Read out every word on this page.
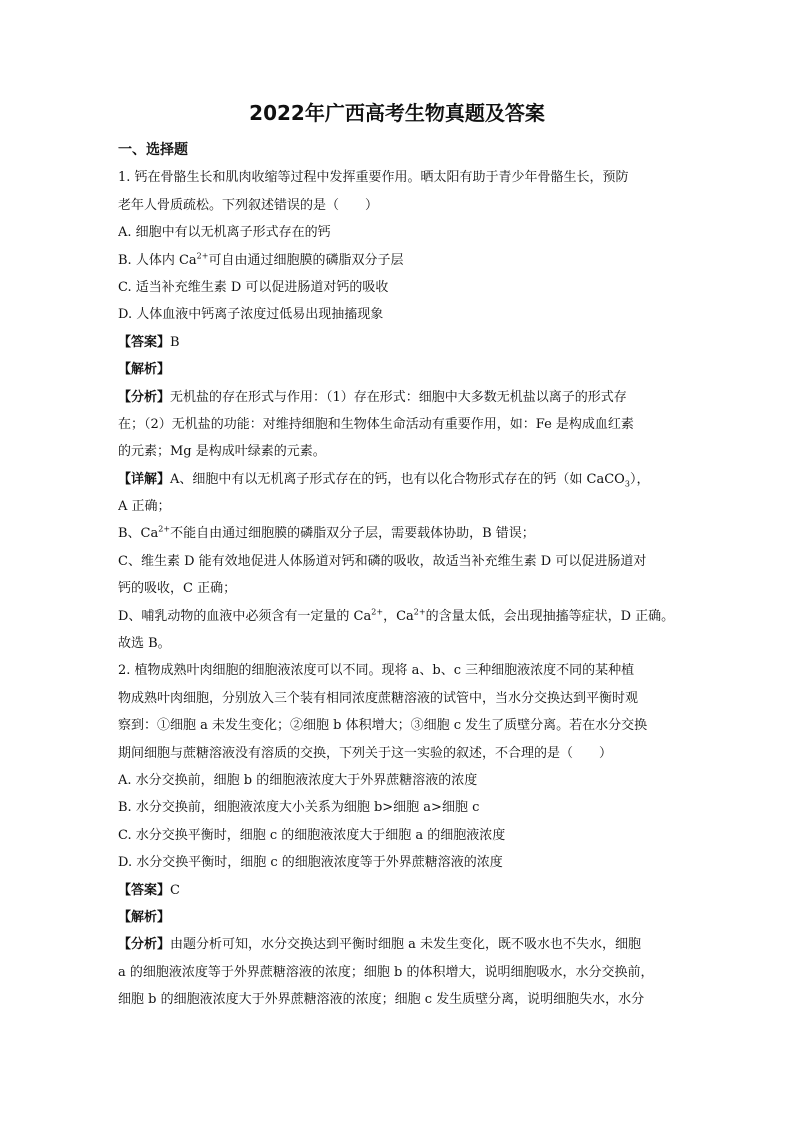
2022年广西高考生物真题及答案
一、选择题
1. 钙在骨骼生长和肌肉收缩等过程中发挥重要作用。晒太阳有助于青少年骨骼生长，预防
老年人骨质疏松。下列叙述错误的是（　　）
A. 细胞中有以无机离子形式存在的钙
B. 人体内 $Ca^{2+}$可自由通过细胞膜的磷脂双分子层
C. 适当补充维生素 D 可以促进肠道对钙的吸收
D. 人体血液中钙离子浓度过低易出现抽搐现象
【答案】B
【解析】
【分析】无机盐的存在形式与作用：（1）存在形式：细胞中大多数无机盐以离子的形式存
在；（2）无机盐的功能：对维持细胞和生物体生命活动有重要作用，如：Fe 是构成血红素
的元素；Mg 是构成叶绿素的元素。
【详解】A、细胞中有以无机离子形式存在的钙，也有以化合物形式存在的钙（如 CaCO$_3$），
A 正确；
B、$Ca^{2+}$不能自由通过细胞膜的磷脂双分子层，需要载体协助，B 错误；
C、维生素 D 能有效地促进人体肠道对钙和磷的吸收，故适当补充维生素 D 可以促进肠道对
钙的吸收，C 正确；
D、哺乳动物的血液中必须含有一定量的 $Ca^{2+}$，$Ca^{2+}$的含量太低，会出现抽搐等症状，D 正确。
故选 B。
2. 植物成熟叶肉细胞的细胞液浓度可以不同。现将 a、b、c 三种细胞液浓度不同的某种植
物成熟叶肉细胞，分别放入三个装有相同浓度蔗糖溶液的试管中，当水分交换达到平衡时观
察到：①细胞 a 未发生变化；②细胞 b 体积增大；③细胞 c 发生了质壁分离。若在水分交换
期间细胞与蔗糖溶液没有溶质的交换，下列关于这一实验的叙述，不合理的是（　　）
A. 水分交换前，细胞 b 的细胞液浓度大于外界蔗糖溶液的浓度
B. 水分交换前，细胞液浓度大小关系为细胞 b>细胞 a>细胞 c
C. 水分交换平衡时，细胞 c 的细胞液浓度大于细胞 a 的细胞液浓度
D. 水分交换平衡时，细胞 c 的细胞液浓度等于外界蔗糖溶液的浓度
【答案】C
【解析】
【分析】由题分析可知，水分交换达到平衡时细胞 a 未发生变化，既不吸水也不失水，细胞
a 的细胞液浓度等于外界蔗糖溶液的浓度；细胞 b 的体积增大，说明细胞吸水，水分交换前，
细胞 b 的细胞液浓度大于外界蔗糖溶液的浓度；细胞 c 发生质壁分离，说明细胞失水，水分
